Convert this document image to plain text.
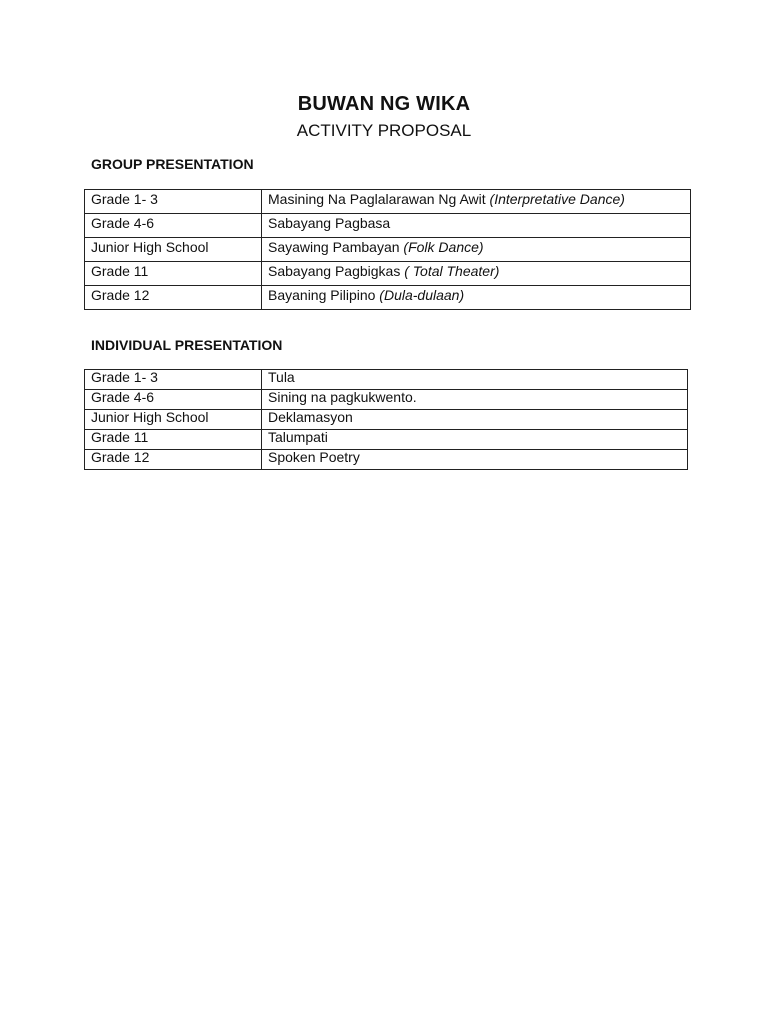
BUWAN NG WIKA
ACTIVITY PROPOSAL
GROUP PRESENTATION
Grade 1- 3	Masining Na Paglalarawan Ng Awit (Interpretative Dance)
Grade 4-6	Sabayang Pagbasa
Junior High School	Sayawing Pambayan (Folk Dance)
Grade 11	Sabayang Pagbigkas ( Total Theater)
Grade 12	Bayaning Pilipino (Dula-dulaan)
INDIVIDUAL PRESENTATION
Grade 1- 3	Tula
Grade 4-6	Sining na pagkukwento.
Junior High School	Deklamasyon
Grade 11	Talumpati
Grade 12	Spoken Poetry
